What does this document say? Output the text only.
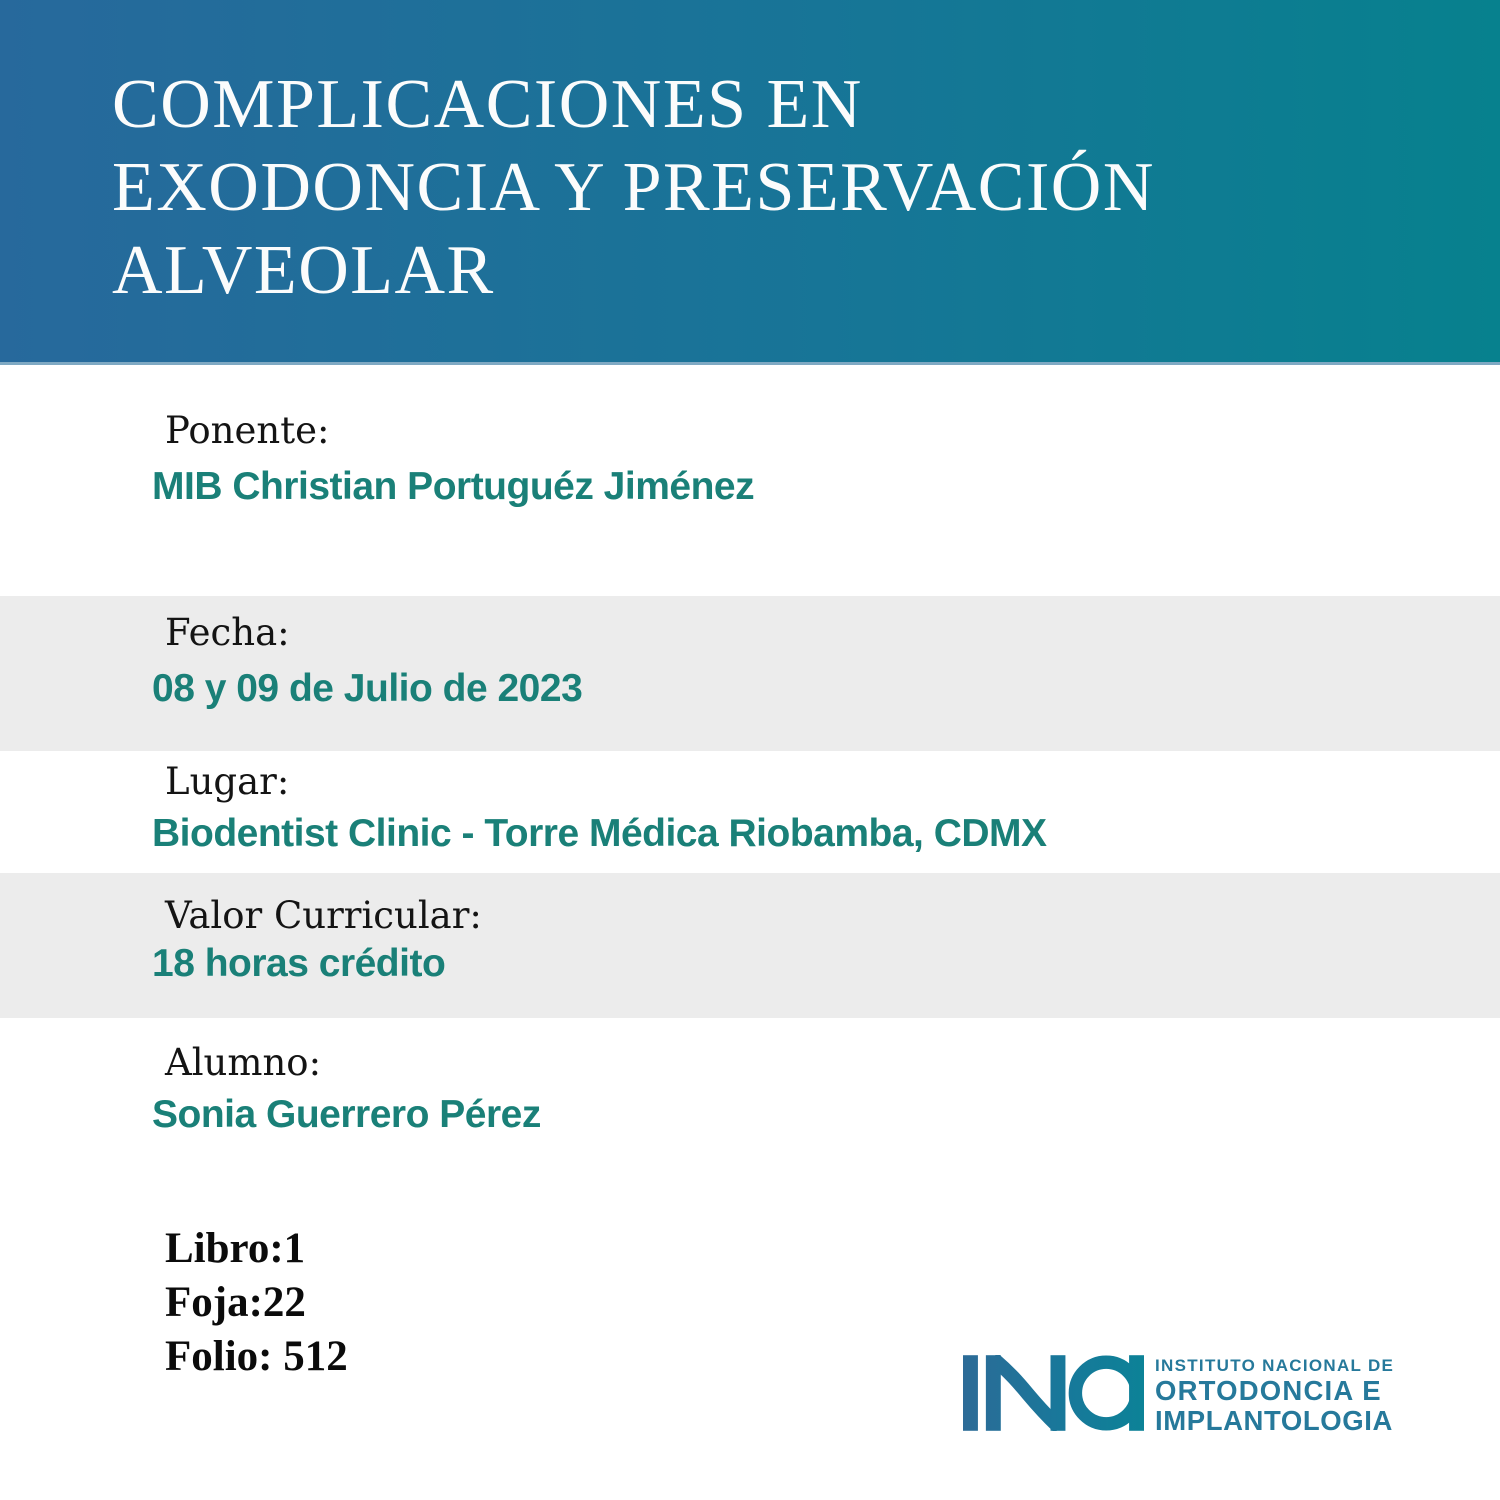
COMPLICACIONES EN
EXODONCIA Y PRESERVACIÓN
ALVEOLAR
Ponente:
MIB Christian Portuguéz Jiménez
Fecha:
08 y 09 de Julio de 2023
Lugar:
Biodentist Clinic - Torre Médica Riobamba, CDMX
Valor Curricular:
18 horas crédito
Alumno:
Sonia Guerrero Pérez
Libro:1
Foja:22
Folio: 512	INSTITUTO NACIONAL DE
ORTODONCIA E
IMPLANTOLOGIA
